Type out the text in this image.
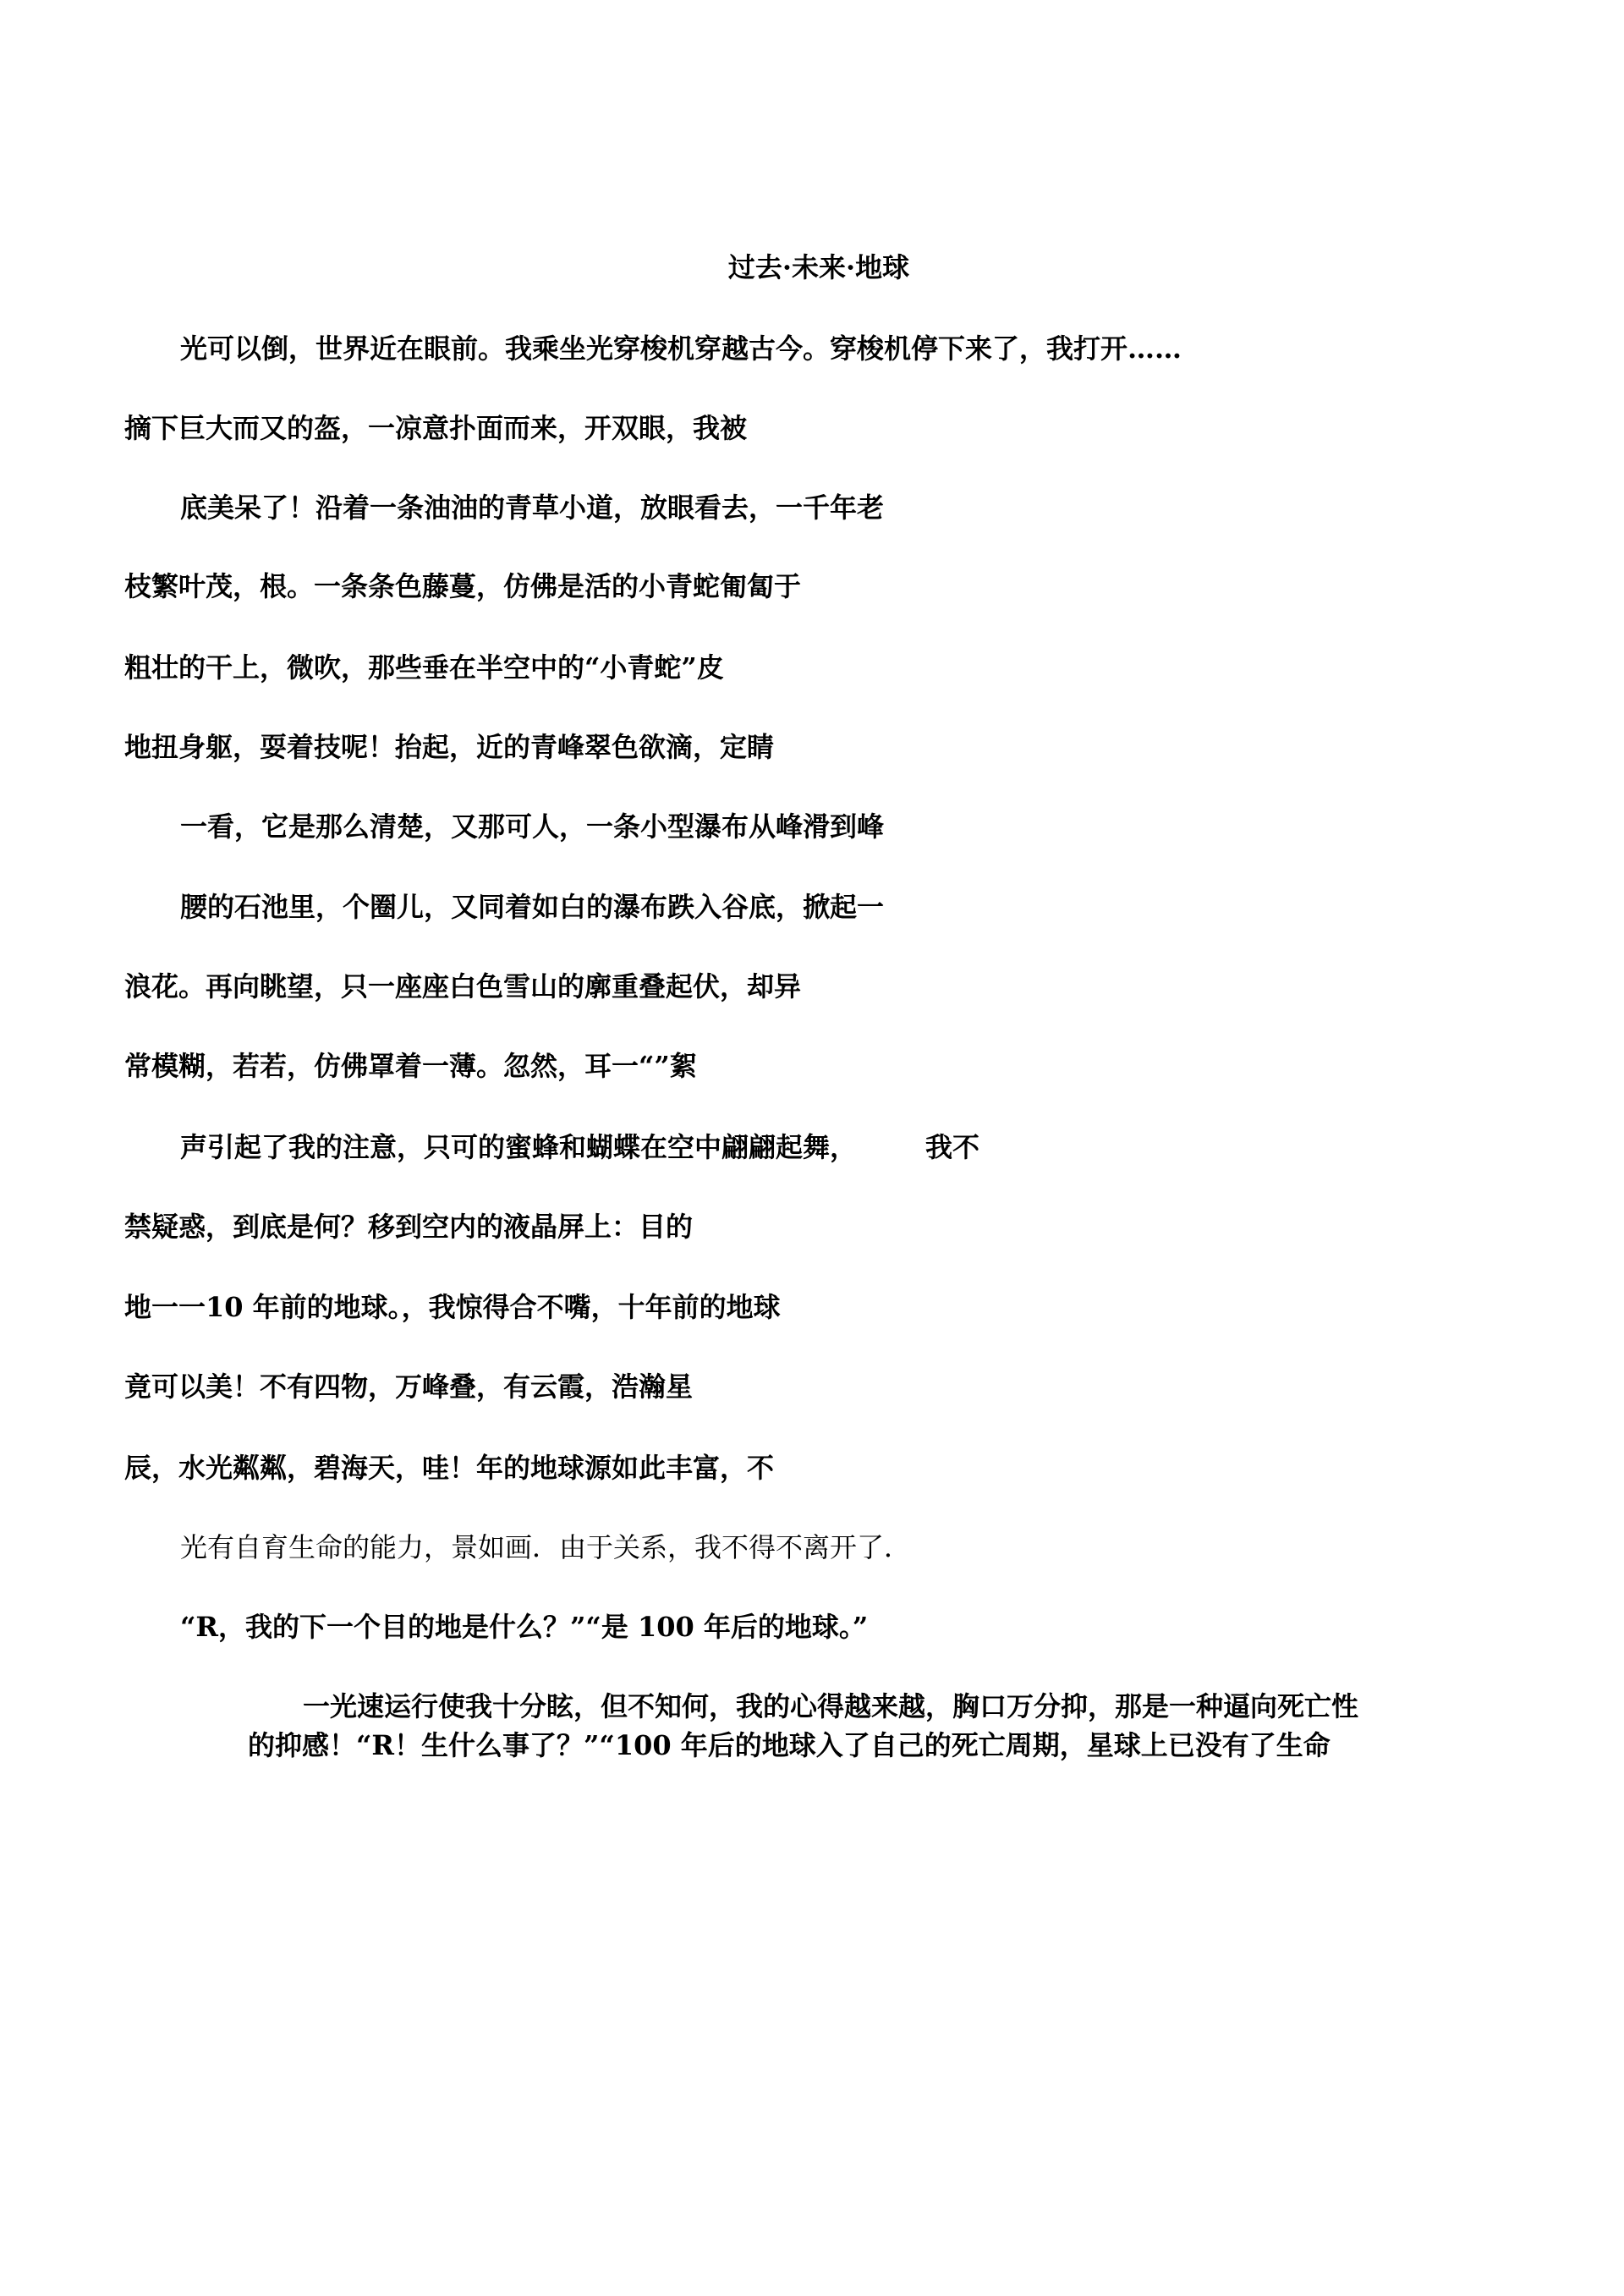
过去·未来·地球
光可以倒，世界近在眼前。我乘坐光穿梭机穿越古今。穿梭机停下来了，我打开……
摘下巨大而又的盔，一凉意扑面而来，开双眼，我被
底美呆了！沿着一条油油的青草小道，放眼看去，一千年老
枝繁叶茂，根。一条条色藤蔓，仿佛是活的小青蛇匍匐于
粗壮的干上，微吹，那些垂在半空中的“小青蛇”皮
地扭身躯，耍着技呢！抬起，近的青峰翠色欲滴，定睛
一看，它是那么清楚，又那可人，一条小型瀑布从峰滑到峰
腰的石池里，个圈儿，又同着如白的瀑布跌入谷底，掀起一
浪花。再向眺望，只一座座白色雪山的廓重叠起伏，却异
常模糊，若若，仿佛罩着一薄。忽然，耳一“”絮
声引起了我的注意，只可的蜜蜂和蝴蝶在空中翩翩起舞，	我不
禁疑惑，到底是何？移到空内的液晶屏上：目的
地一一10 年前的地球。，我惊得合不嘴，十年前的地球
竟可以美！不有四物，万峰叠，有云霞，浩瀚星
辰，水光粼粼，碧海天，哇！年的地球源如此丰富，不
光有自育生命的能力，景如画．由于关系，我不得不离开了．
“R，我的下一个目的地是什么？”“是 100 年后的地球。”
一光速运行使我十分眩，但不知何，我的心得越来越，胸口万分抑，那是一种逼向死亡性
的抑感！“R！生什么事了？”“100 年后的地球入了自己的死亡周期，星球上已没有了生命
